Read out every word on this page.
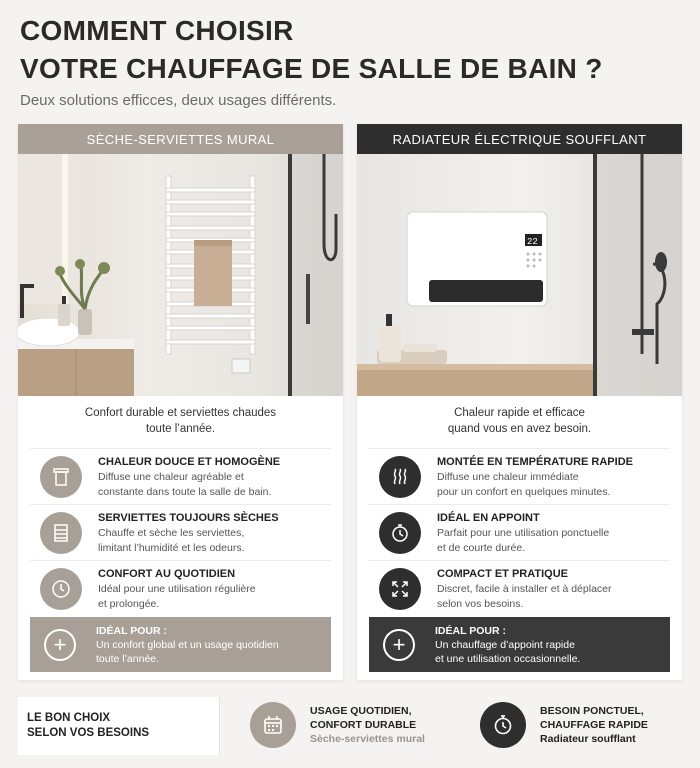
COMMENT CHOISIR
VOTRE CHAUFFAGE DE SALLE DE BAIN ?
Deux solutions efficces, deux usages différents.
SÈCHE-SERVIETTES MURAL
Confort durable et serviettes chaudes
toute l’année.
CHALEUR DOUCE ET HOMOGÈNE
Diffuse une chaleur agréable et
constante dans toute la salle de bain.
SERVIETTES TOUJOURS SÈCHES
Chauffe et sèche les serviettes,
limitant l’humidité et les odeurs.
CONFORT AU QUOTIDIEN
Idéal pour une utilisation régulière
et prolongée.
+
IDÉAL POUR :
Un confort global et un usage quotidien
toute l’année.
RADIATEUR ÉLECTRIQUE SOUFFLANT
22
Chaleur rapide et efficace
quand vous en avez besoin.
MONTÉE EN TEMPÉRATURE RAPIDE
Diffuse une chaleur immédiate
pour un confort en quelques minutes.
IDÉAL EN APPOINT
Parfait pour une utilisation ponctuelle
et de courte durée.
COMPACT ET PRATIQUE
Discret, facile à installer et à déplacer
selon vos besoins.
+
IDÉAL POUR :
Un chauffage d’appoint rapide
et une utilisation occasionnelle.
LE BON CHOIX
SELON VOS BESOINS
USAGE QUOTIDIEN,
CONFORT DURABLE
Sèche-serviettes mural
BESOIN PONCTUEL,
CHAUFFAGE RAPIDE
Radiateur soufflant
